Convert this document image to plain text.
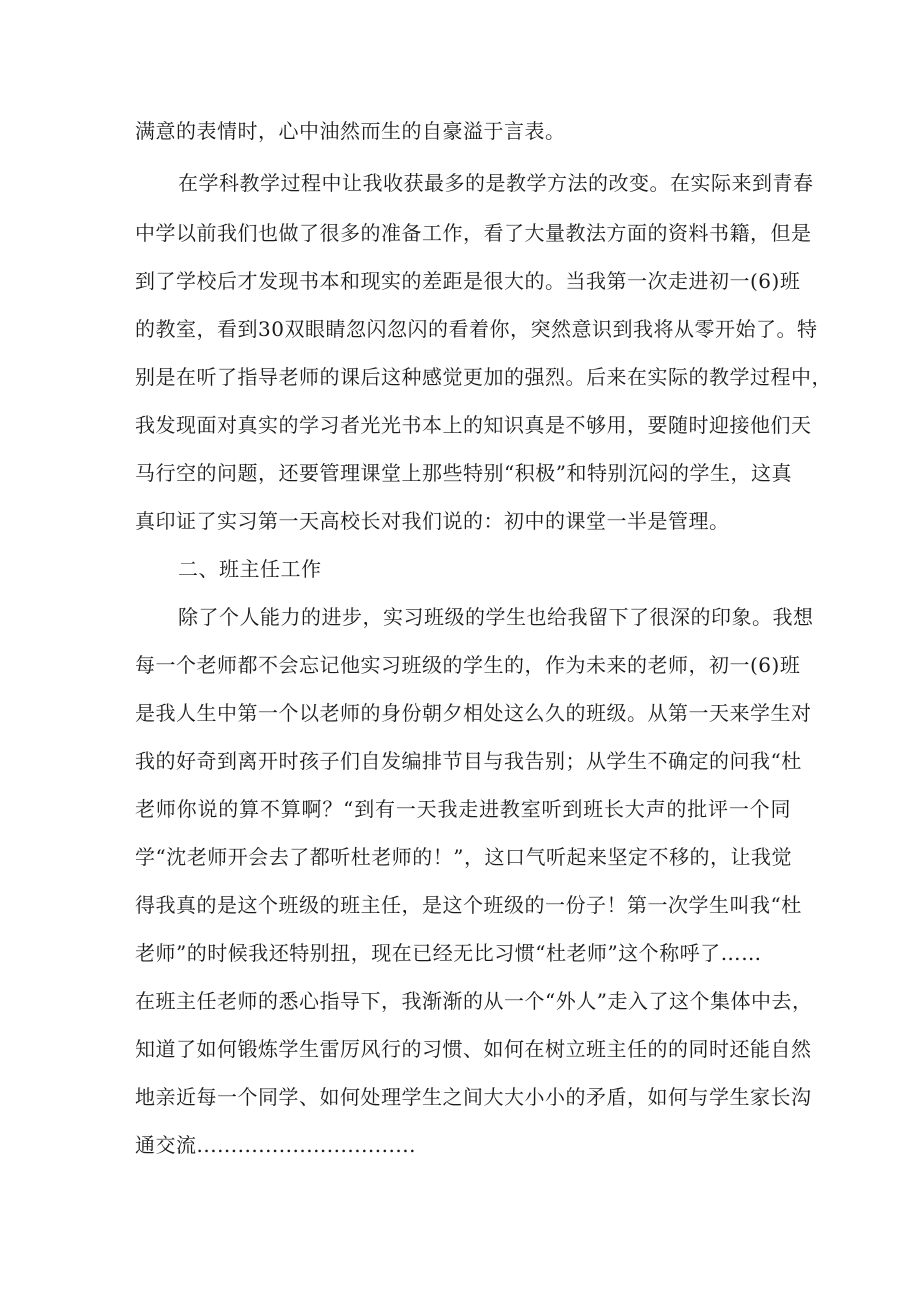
满意的表情时，心中油然而生的自豪溢于言表。
在学科教学过程中让我收获最多的是教学方法的改变。在实际来到青春
中学以前我们也做了很多的准备工作，看了大量教法方面的资料书籍，但是
到了学校后才发现书本和现实的差距是很大的。当我第一次走进初一(6)班
的教室，看到30双眼睛忽闪忽闪的看着你，突然意识到我将从零开始了。特
别是在听了指导老师的课后这种感觉更加的强烈。后来在实际的教学过程中，
我发现面对真实的学习者光光书本上的知识真是不够用，要随时迎接他们天
马行空的问题，还要管理课堂上那些特别“积极”和特别沉闷的学生，这真
真印证了实习第一天高校长对我们说的：初中的课堂一半是管理。
二、班主任工作
除了个人能力的进步，实习班级的学生也给我留下了很深的印象。我想
每一个老师都不会忘记他实习班级的学生的，作为未来的老师，初一(6)班
是我人生中第一个以老师的身份朝夕相处这么久的班级。从第一天来学生对
我的好奇到离开时孩子们自发编排节目与我告别；从学生不确定的问我“杜
老师你说的算不算啊？“到有一天我走进教室听到班长大声的批评一个同
学“沈老师开会去了都听杜老师的！”，这口气听起来坚定不移的，让我觉
得我真的是这个班级的班主任，是这个班级的一份子！第一次学生叫我“杜
老师”的时候我还特别扭，现在已经无比习惯“杜老师”这个称呼了……
在班主任老师的悉心指导下，我渐渐的从一个“外人”走入了这个集体中去，
知道了如何锻炼学生雷厉风行的习惯、如何在树立班主任的的同时还能自然
地亲近每一个同学、如何处理学生之间大大小小的矛盾，如何与学生家长沟
通交流................................
